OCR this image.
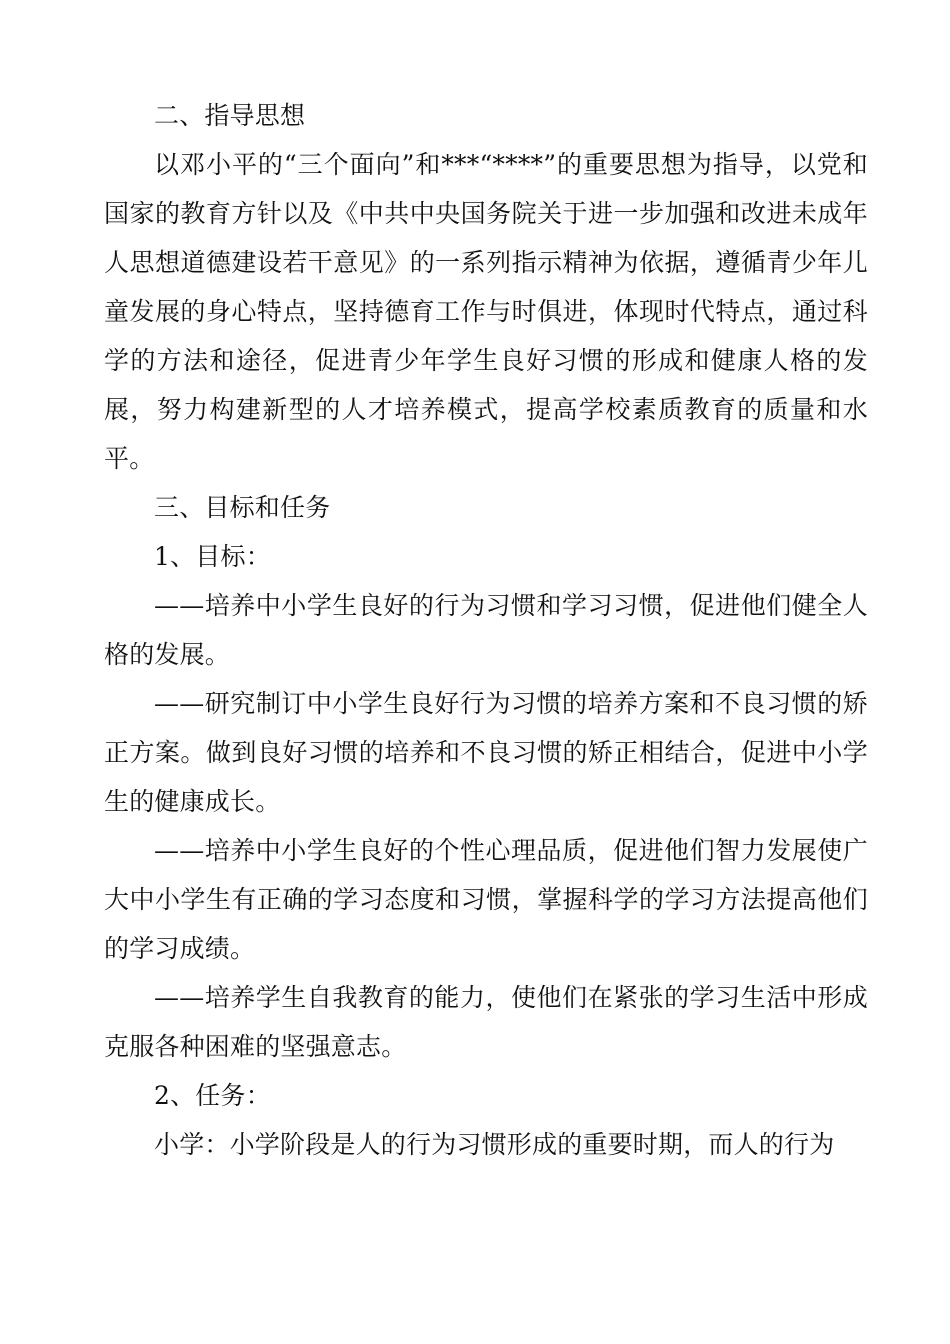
二、指导思想

以邓小平的“三个面向”和***“****”的重要思想为指导，以党和国家的教育方针以及《中共中央国务院关于进一步加强和改进未成年人思想道德建设若干意见》的一系列指示精神为依据，遵循青少年儿童发展的身心特点，坚持德育工作与时俱进，体现时代特点，通过科学的方法和途径，促进青少年学生良好习惯的形成和健康人格的发展，努力构建新型的人才培养模式，提高学校素质教育的质量和水平。

三、目标和任务

1、目标：

——培养中小学生良好的行为习惯和学习习惯，促进他们健全人格的发展。

——研究制订中小学生良好行为习惯的培养方案和不良习惯的矫正方案。做到良好习惯的培养和不良习惯的矫正相结合，促进中小学生的健康成长。

——培养中小学生良好的个性心理品质，促进他们智力发展使广大中小学生有正确的学习态度和习惯，掌握科学的学习方法提高他们的学习成绩。

——培养学生自我教育的能力，使他们在紧张的学习生活中形成克服各种困难的坚强意志。

2、任务：

小学：小学阶段是人的行为习惯形成的重要时期，而人的行为
